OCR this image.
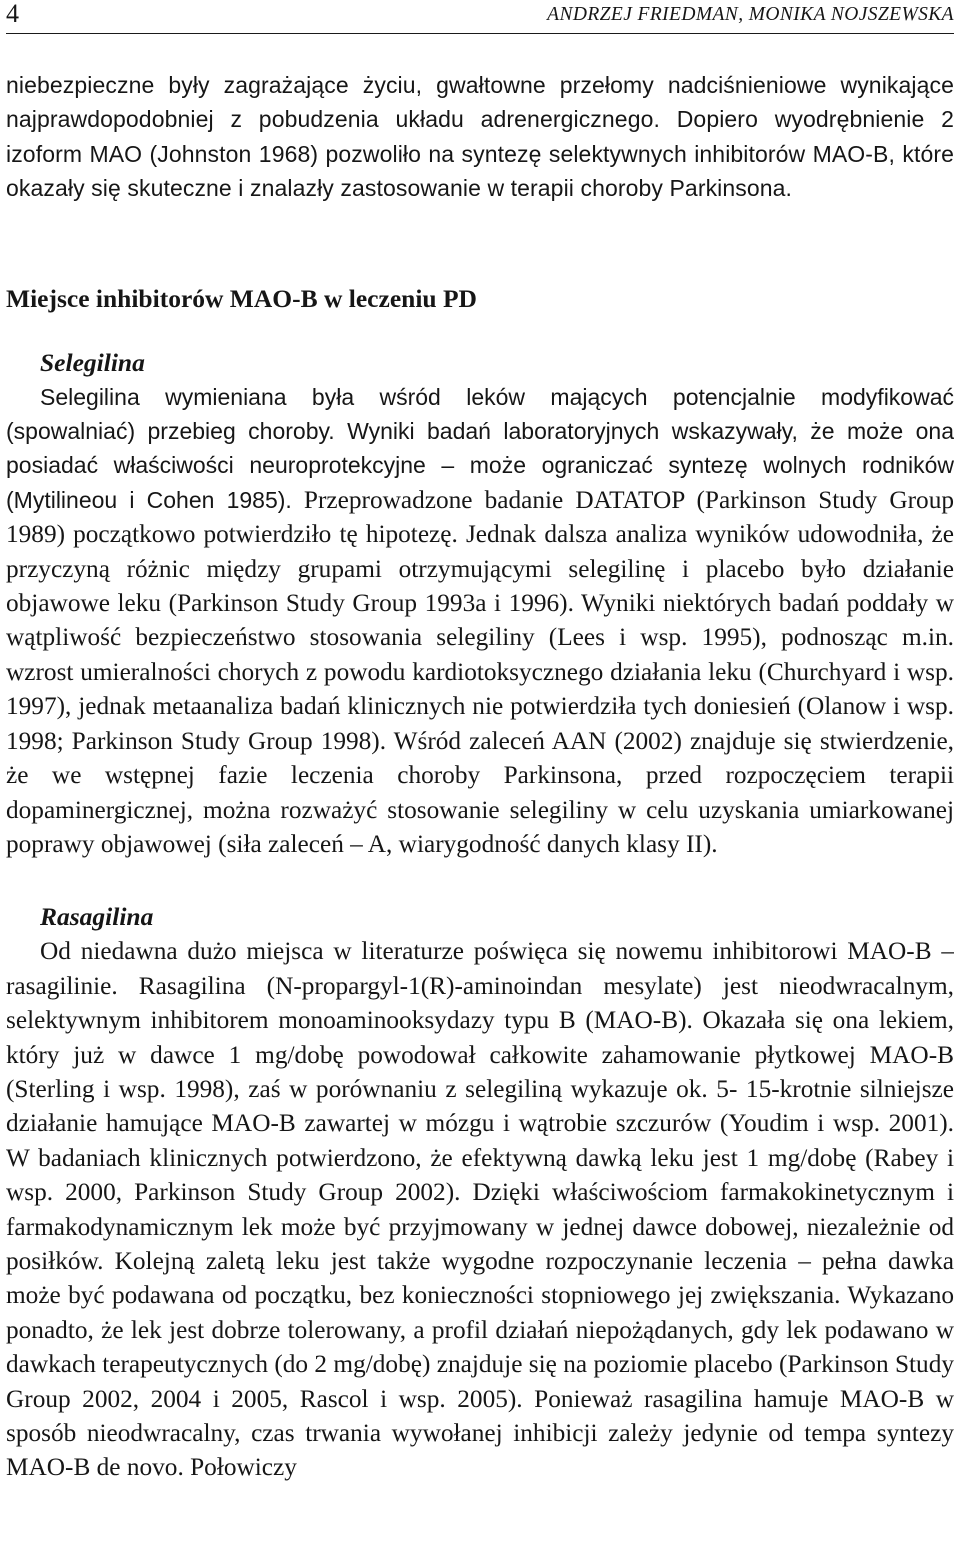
4	ANDRZEJ FRIEDMAN, MONIKA NOJSZEWSKA

niebezpieczne były zagrażające życiu, gwałtowne przełomy nadciśnieniowe wynikające najprawdopodobniej z pobudzenia układu adrenergicznego. Dopiero wyodrębnienie 2 izoform MAO (Johnston 1968) pozwoliło na syntezę selektywnych inhibitorów MAO-B, które okazały się skuteczne i znalazły zastosowanie w terapii choroby Parkinsona.

Miejsce inhibitorów MAO-B w leczeniu PD
Selegilina

Selegilina wymieniana była wśród leków mających potencjalnie modyfikować (spowalniać) przebieg choroby. Wyniki badań laboratoryjnych wskazywały, że może ona posiadać właściwości neuroprotekcyjne – może ograniczać syntezę wolnych rodników (Mytilineou i Cohen 1985). Przeprowadzone badanie DATATOP (Parkinson Study Group 1989) początkowo potwierdziło tę hipotezę. Jednak dalsza analiza wyników udowodniła, że przyczyną różnic między grupami otrzymującymi selegilinę i placebo było działanie objawowe leku (Parkinson Study Group 1993a i 1996). Wyniki niektórych badań poddały w wątpliwość bezpieczeństwo stosowania selegiliny (Lees i wsp. 1995), podnosząc m.in. wzrost umieralności chorych z powodu kardiotoksycznego działania leku (Churchyard i wsp. 1997), jednak metaanaliza badań klinicznych nie potwierdziła tych doniesień (Olanow i wsp. 1998; Parkinson Study Group 1998). Wśród zaleceń AAN (2002) znajduje się stwierdzenie, że we wstępnej fazie leczenia choroby Parkinsona, przed rozpoczęciem terapii dopaminergicznej, można rozważyć stosowanie selegiliny w celu uzyskania umiarkowanej poprawy objawowej (siła zaleceń – A, wiarygodność danych klasy II).

Rasagilina

Od niedawna dużo miejsca w literaturze poświęca się nowemu inhibitorowi MAO-B – rasagilinie. Rasagilina (N-propargyl-1(R)-aminoindan mesylate) jest nieodwracalnym, selektywnym inhibitorem monoaminooksydazy typu B (MAO-B). Okazała się ona lekiem, który już w dawce 1 mg/dobę powodował całkowite zahamowanie płytkowej MAO-B (Sterling i wsp. 1998), zaś w porównaniu z selegiliną wykazuje ok. 5- 15-krotnie silniejsze działanie hamujące MAO-B zawartej w mózgu i wątrobie szczurów (Youdim i wsp. 2001). W badaniach klinicznych potwierdzono, że efektywną dawką leku jest 1 mg/dobę (Rabey i wsp. 2000, Parkinson Study Group 2002). Dzięki właściwościom farmakokinetycznym i farmakodynamicznym lek może być przyjmowany w jednej dawce dobowej, niezależnie od posiłków. Kolejną zaletą leku jest także wygodne rozpoczynanie leczenia – pełna dawka może być podawana od początku, bez konieczności stopniowego jej zwiększania. Wykazano ponadto, że lek jest dobrze tolerowany, a profil działań niepożądanych, gdy lek podawano w dawkach terapeutycznych (do 2 mg/dobę) znajduje się na poziomie placebo (Parkinson Study Group 2002, 2004 i 2005, Rascol i wsp. 2005). Ponieważ rasagilina hamuje MAO-B w sposób nieodwracalny, czas trwania wywołanej inhibicji zależy jedynie od tempa syntezy MAO-B de novo. Połowiczy
